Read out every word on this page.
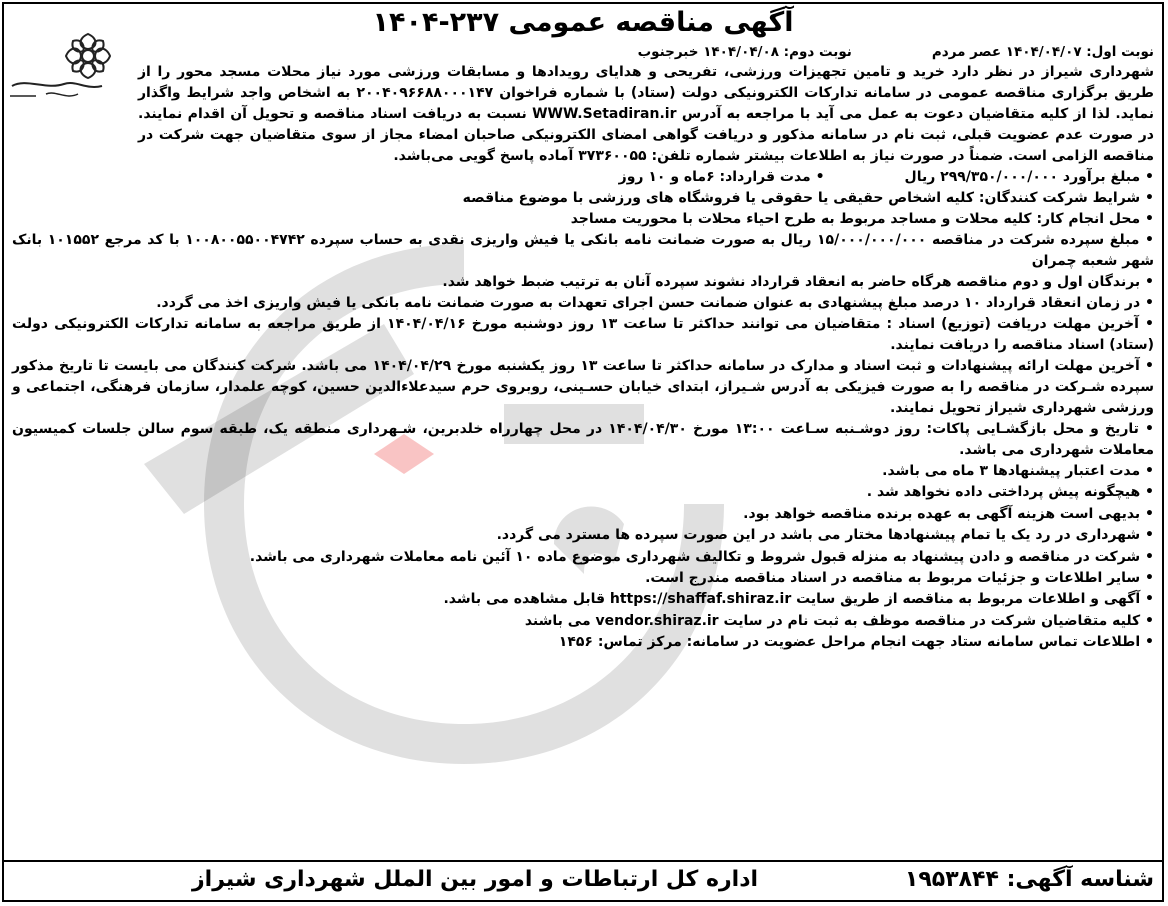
آگهی مناقصه عمومی ۲۳۷-۱۴۰۴
نوبت اول: ۱۴۰۴/۰۴/۰۷ عصر مردم
نوبت دوم: ۱۴۰۴/۰۴/۰۸ خبرجنوب

شهرداری شیراز در نظر دارد خرید و تامین تجهیزات ورزشی، تفریحی و هدایای رویدادها و مسابقات ورزشی مورد نیاز محلات مسجد محور را از طریق برگزاری مناقصه عمومی در سامانه تدارکات الکترونیکی دولت (ستاد) با شماره فراخوان ۲۰۰۴۰۹۶۶۸۸۰۰۰۱۴۷ به اشخاص واجد شرایط واگذار نماید. لذا از کلیه متقاضیان دعوت به عمل می آید با مراجعه به آدرس WWW.Setadiran.ir نسبت به دریافت اسناد مناقصه و تحویل آن اقدام نمایند. در صورت عدم عضویت قبلی، ثبت نام در سامانه مذکور و دریافت گواهی امضای الکترونیکی صاحبان امضاء مجاز از سوی متقاضیان جهت شرکت در مناقصه الزامی است. ضمناً در صورت نیاز به اطلاعات بیشتر شماره تلفن: ۳۷۳۶۰۰۵۵ آماده پاسخ گویی می‌باشد.

• مبلغ برآورد ۲۹۹/۳۵۰/۰۰۰/۰۰۰ ریال
• مدت قرارداد: ۶ماه و ۱۰ روز

• شرایط شرکت کنندگان: کلیه اشخاص حقیقی یا حقوقی یا فروشگاه های ورزشی با موضوع مناقصه

• محل انجام کار: کلیه محلات و مساجد مربوط به طرح احیاء محلات با محوریت مساجد

• مبلغ سپرده شرکت در مناقصه ۱۵/۰۰۰/۰۰۰/۰۰۰ ریال به صورت ضمانت نامه بانکی یا فیش واریزی نقدی به حساب سپرده ۱۰۰۸۰۰۵۵۰۰۴۷۴۲ با کد مرجع ۱۰۱۵۵۲ بانک شهر شعبه چمران

• برندگان اول و دوم مناقصه هرگاه حاضر به انعقاد قرارداد نشوند سپرده آنان به ترتیب ضبط خواهد شد.

• در زمان انعقاد قرارداد ۱۰ درصد مبلغ پیشنهادی به عنوان ضمانت حسن اجرای تعهدات به صورت ضمانت نامه بانکی یا فیش واریزی اخذ می گردد.

• آخرین مهلت دریافت (توزیع) اسناد : متقاضیان می توانند حداکثر تا ساعت ۱۳ روز دوشنبه مورخ ۱۴۰۴/۰۴/۱۶ از طریق مراجعه به سامانه تدارکات الکترونیکی دولت (ستاد) اسناد مناقصه را دریافت نمایند.

• آخرین مهلت ارائه پیشنهادات و ثبت اسناد و مدارک در سامانه حداکثر تا ساعت ۱۳ روز یکشنبه مورخ ۱۴۰۴/۰۴/۲۹ می باشد. شرکت کنندگان می بایست تا تاریخ مذکور سپرده شـرکت در مناقصه را به صورت فیزیکی به آدرس شـیراز، ابتدای خیابان حسـینی، روبروی حرم سیدعلاءالدین حسین، کوچه علمدار، سازمان فرهنگی، اجتماعی و ورزشی شهرداری شیراز تحویل نمایند.

• تاریخ و محل بازگشـایی پاکات: روز دوشـنبه سـاعت ۱۳:۰۰ مورخ ۱۴۰۴/۰۴/۳۰ در محل چهارراه خلدبرین، شـهرداری منطقه یک، طبقه سوم سالن جلسات کمیسیون معاملات شهرداری می باشد.

• مدت اعتبار پیشنهادها ۳ ماه می باشد.

• هیچگونه پیش پرداختی داده نخواهد شد .

• بدیهی است هزینه آگهی به عهده برنده مناقصه خواهد بود.

• شهرداری در رد یک یا تمام پیشنهادها مختار می باشد در این صورت سپرده ها مسترد می گردد.

• شرکت در مناقصه و دادن پیشنهاد به منزله قبول شروط و تکالیف شهرداری موضوع ماده ۱۰ آئین نامه معاملات شهرداری می باشد.

• سایر اطلاعات و جزئیات مربوط به مناقصه در اسناد مناقصه مندرج است.

• آگهی و اطلاعات مربوط به مناقصه از طریق سایت https://shaffaf.shiraz.ir قابل مشاهده می باشد.

• کلیه متقاضیان شرکت در مناقصه موظف به ثبت نام در سایت vendor.shiraz.ir می باشند

• اطلاعات تماس سامانه ستاد جهت انجام مراحل عضویت در سامانه: مرکز تماس: ۱۴۵۶

شناسه آگهی: ۱۹۵۳۸۴۴
اداره کل ارتباطات و امور بین الملل شهرداری شیراز
